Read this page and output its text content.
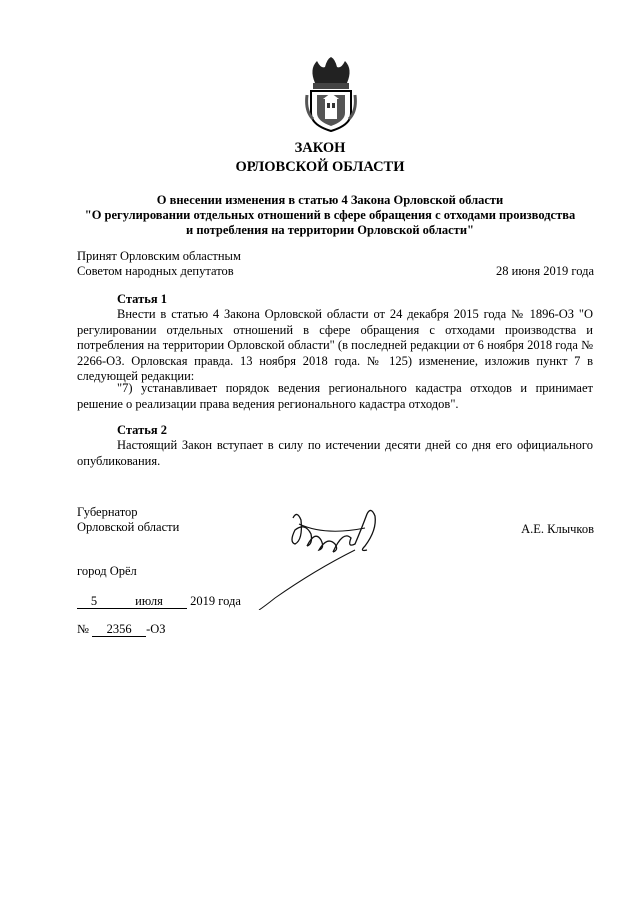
ЗАКОН
ОРЛОВСКОЙ ОБЛАСТИ
О внесении изменения в статью 4 Закона Орловской области
"О регулировании отдельных отношений в сфере обращения с отходами производства
и потребления на территории Орловской области"
Принят Орловским областным
Советом народных депутатов	28 июня 2019 года
Статья 1
Внести в статью 4 Закона Орловской области от 24 декабря 2015 года № 1896-ОЗ "О регулировании отдельных отношений в сфере обращения с отходами производства и потребления на территории Орловской области" (в последней редакции от 6 ноября 2018 года № 2266-ОЗ. Орловская правда. 13 ноября 2018 года. № 125) изменение, изложив пункт 7 в следующей редакции:
"7) устанавливает порядок ведения регионального кадастра отходов и принимает решение о реализации права ведения регионального кадастра отходов".
Статья 2
Настоящий Закон вступает в силу по истечении десяти дней со дня его официального опубликования.
Губернатор
Орловской области	А.Е. Клычков
город Орёл
5	июля 2019 года
№ 2356 -ОЗ
